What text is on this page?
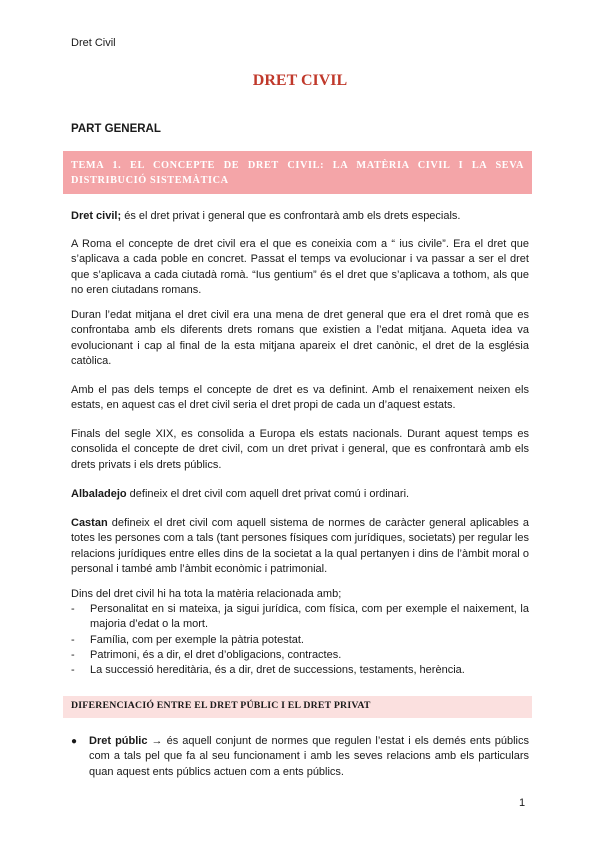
Dret Civil
DRET CIVIL
PART GENERAL
TEMA 1. EL CONCEPTE DE DRET CIVIL: LA MATÈRIA CIVIL I LA SEVA DISTRIBUCIÓ SISTEMÀTICA

Dret civil; és el dret privat i general que es confrontarà amb els drets especials.

A Roma el concepte de dret civil era el que es coneixia com a “ ius civile”. Era el dret que s’aplicava a cada poble en concret. Passat el temps va evolucionar i va passar a ser el dret que s’aplicava a cada ciutadà romà. “Ius gentium” és el dret que s’aplicava a tothom, als que no eren ciutadans romans.

Duran l’edat mitjana el dret civil era una mena de dret general que era el dret romà que es confrontaba amb els diferents drets romans que existien a l’edat mitjana. Aqueta idea va evolucionant i cap al final de la esta mitjana apareix el dret canònic, el dret de la església catòlica.

Amb el pas dels temps el concepte de dret es va definint. Amb el renaixement neixen els estats, en aquest cas el dret civil seria el dret propi de cada un d’aquest estats.

Finals del segle XIX, es consolida a Europa els estats nacionals. Durant aquest temps es consolida el concepte de dret civil, com un dret privat i general, que es confrontarà amb els drets privats i els drets públics.

Albaladejo defineix el dret civil com aquell dret privat comú i ordinari.

Castan defineix el dret civil com aquell sistema de normes de caràcter general aplicables a totes les persones com a tals (tant persones físiques com jurídiques, societats) per regular les relacions jurídiques entre elles dins de la societat a la qual pertanyen i dins de l’àmbit moral o personal i també amb l’àmbit econòmic i patrimonial.

Dins del dret civil hi ha tota la matèria relacionada amb;

- Personalitat en si mateixa, ja sigui jurídica, com física, com per exemple el naixement, la majoria d’edat o la mort.
- Família, com per exemple la pàtria potestat.
- Patrimoni, és a dir, el dret d’obligacions, contractes.
- La successió hereditària, és a dir, dret de successions, testaments, herència.
DIFERENCIACIÓ ENTRE EL DRET PÚBLIC I EL DRET PRIVAT
● Dret públic → és aquell conjunt de normes que regulen l’estat i els demés ents públics com a tals pel que fa al seu funcionament i amb les seves relacions amb els particulars quan aquest ents públics actuen com a ents públics.
1
